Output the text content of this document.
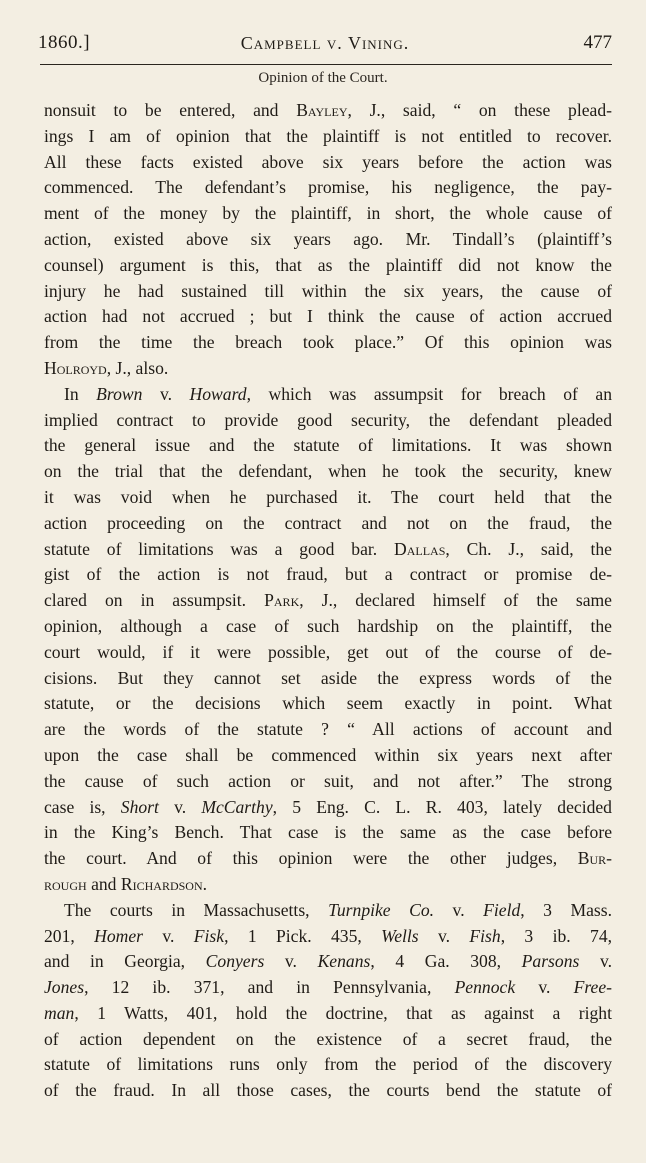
1860.]	Campbell v. Vining.	477
Opinion of the Court.
nonsuit to be entered, and Bayley, J., said, “ on these plead-
ings I am of opinion that the plaintiff is not entitled to recover.
All these facts existed above six years before the action was
commenced. The defendant’s promise, his negligence, the pay-
ment of the money by the plaintiff, in short, the whole cause of
action, existed above six years ago. Mr. Tindall’s (plaintiff’s
counsel) argument is this, that as the plaintiff did not know the
injury he had sustained till within the six years, the cause of
action had not accrued ; but I think the cause of action accrued
from the time the breach took place.” Of this opinion was
Holroyd, J., also.
In Brown v. Howard, which was assumpsit for breach of an
implied contract to provide good security, the defendant pleaded
the general issue and the statute of limitations. It was shown
on the trial that the defendant, when he took the security, knew
it was void when he purchased it. The court held that the
action proceeding on the contract and not on the fraud, the
statute of limitations was a good bar. Dallas, Ch. J., said, the
gist of the action is not fraud, but a contract or promise de-
clared on in assumpsit. Park, J., declared himself of the same
opinion, although a case of such hardship on the plaintiff, the
court would, if it were possible, get out of the course of de-
cisions. But they cannot set aside the express words of the
statute, or the decisions which seem exactly in point. What
are the words of the statute ? “ All actions of account and
upon the case shall be commenced within six years next after
the cause of such action or suit, and not after.” The strong
case is, Short v. McCarthy, 5 Eng. C. L. R. 403, lately decided
in the King’s Bench. That case is the same as the case before
the court. And of this opinion were the other judges, Bur-
rough and Richardson.
The courts in Massachusetts, Turnpike Co. v. Field, 3 Mass.
201, Homer v. Fisk, 1 Pick. 435, Wells v. Fish, 3 ib. 74,
and in Georgia, Conyers v. Kenans, 4 Ga. 308, Parsons v.
Jones, 12 ib. 371, and in Pennsylvania, Pennock v. Free-
man, 1 Watts, 401, hold the doctrine, that as against a right
of action dependent on the existence of a secret fraud, the
statute of limitations runs only from the period of the discovery
of the fraud. In all those cases, the courts bend the statute of
